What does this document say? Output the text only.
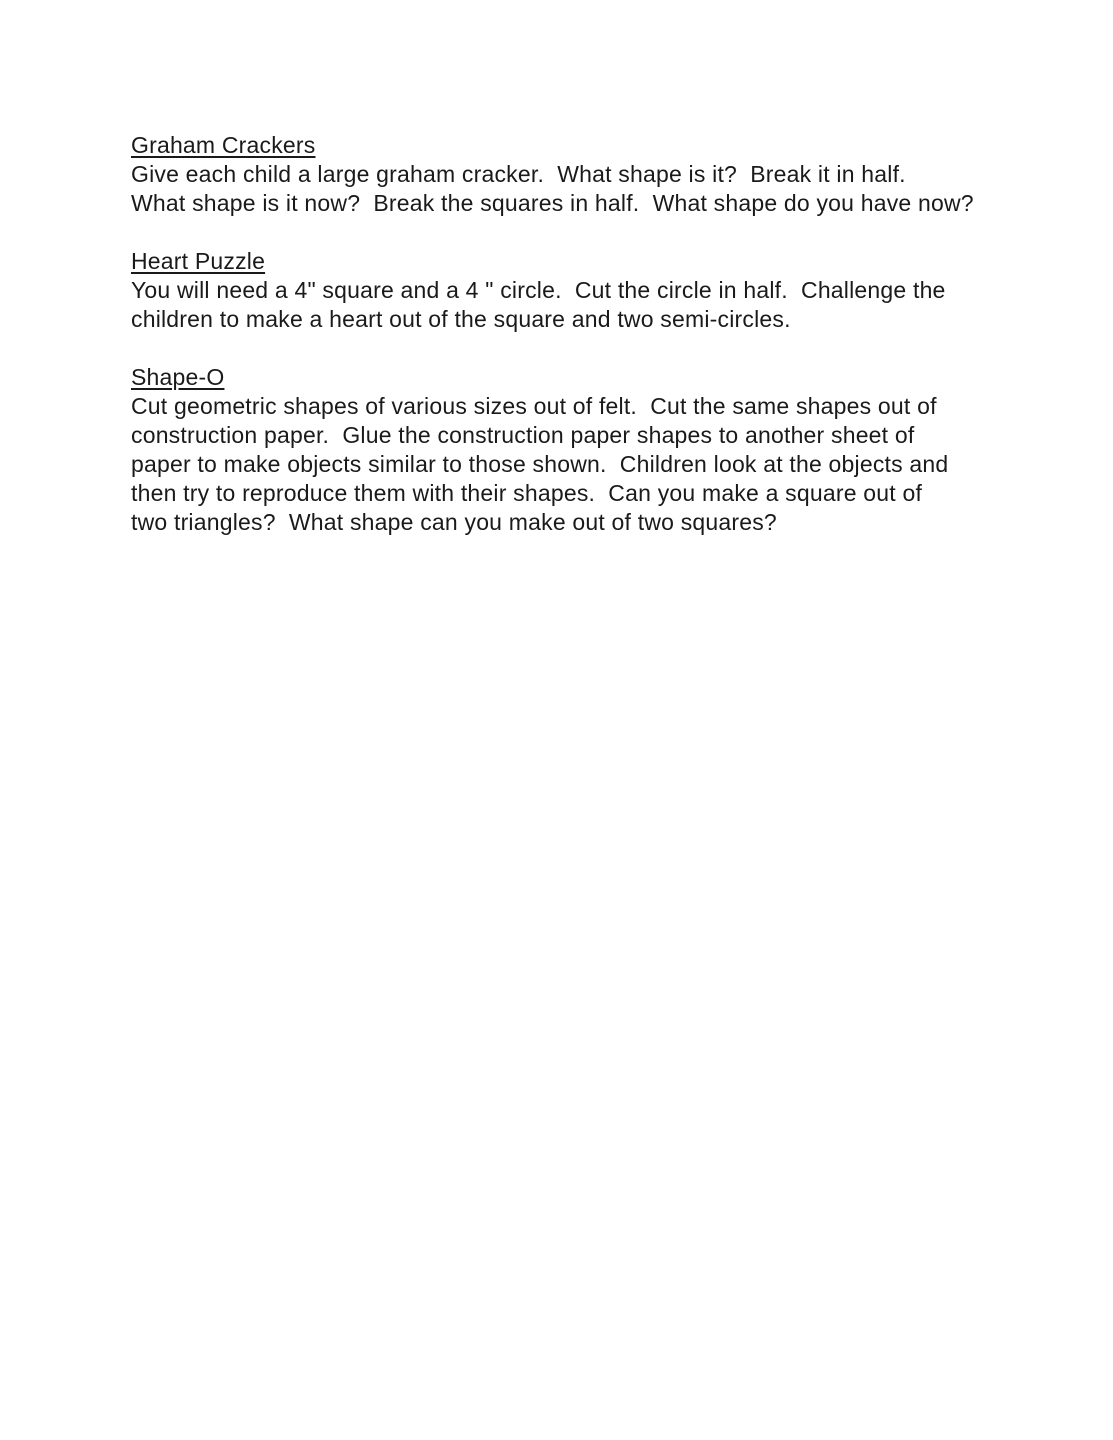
Graham Crackers
Give each child a large graham cracker.  What shape is it?  Break it in half.
What shape is it now?  Break the squares in half.  What shape do you have now?
Heart Puzzle
You will need a 4" square and a 4 " circle.  Cut the circle in half.  Challenge the
children to make a heart out of the square and two semi-circles.
Shape-O
Cut geometric shapes of various sizes out of felt.  Cut the same shapes out of
construction paper.  Glue the construction paper shapes to another sheet of
paper to make objects similar to those shown.  Children look at the objects and
then try to reproduce them with their shapes.  Can you make a square out of
two triangles?  What shape can you make out of two squares?
